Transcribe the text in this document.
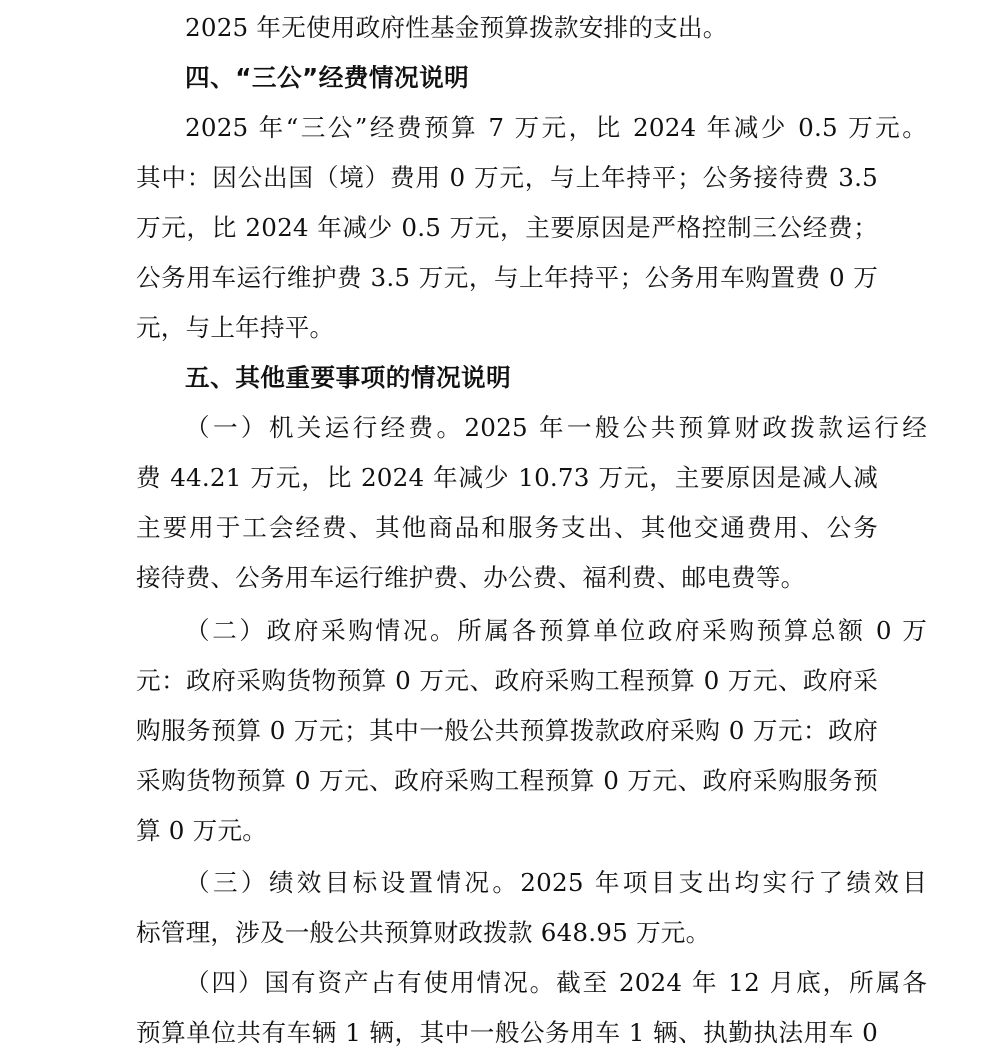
2025 年无使用政府性基金预算拨款安排的支出。
四、“三公”经费情况说明
2025 年“三公”经费预算 7 万元，比 2024 年减少 0.5 万元。
其中：因公出国（境）费用 0 万元，与上年持平；公务接待费 3.5
万元，比 2024 年减少 0.5 万元，主要原因是严格控制三公经费；
公务用车运行维护费 3.5 万元，与上年持平；公务用车购置费 0 万
元，与上年持平。
五、其他重要事项的情况说明
（一）机关运行经费。2025 年一般公共预算财政拨款运行经
费 44.21 万元，比 2024 年减少 10.73 万元，主要原因是减人减
主要用于工会经费、其他商品和服务支出、其他交通费用、公务
接待费、公务用车运行维护费、办公费、福利费、邮电费等。
（二）政府采购情况。所属各预算单位政府采购预算总额 0 万
元：政府采购货物预算 0 万元、政府采购工程预算 0 万元、政府采
购服务预算 0 万元；其中一般公共预算拨款政府采购 0 万元：政府
采购货物预算 0 万元、政府采购工程预算 0 万元、政府采购服务预
算 0 万元。
（三）绩效目标设置情况。2025 年项目支出均实行了绩效目
标管理，涉及一般公共预算财政拨款 648.95 万元。
（四）国有资产占有使用情况。截至 2024 年 12 月底，所属各
预算单位共有车辆 1 辆，其中一般公务用车 1 辆、执勤执法用车 0
